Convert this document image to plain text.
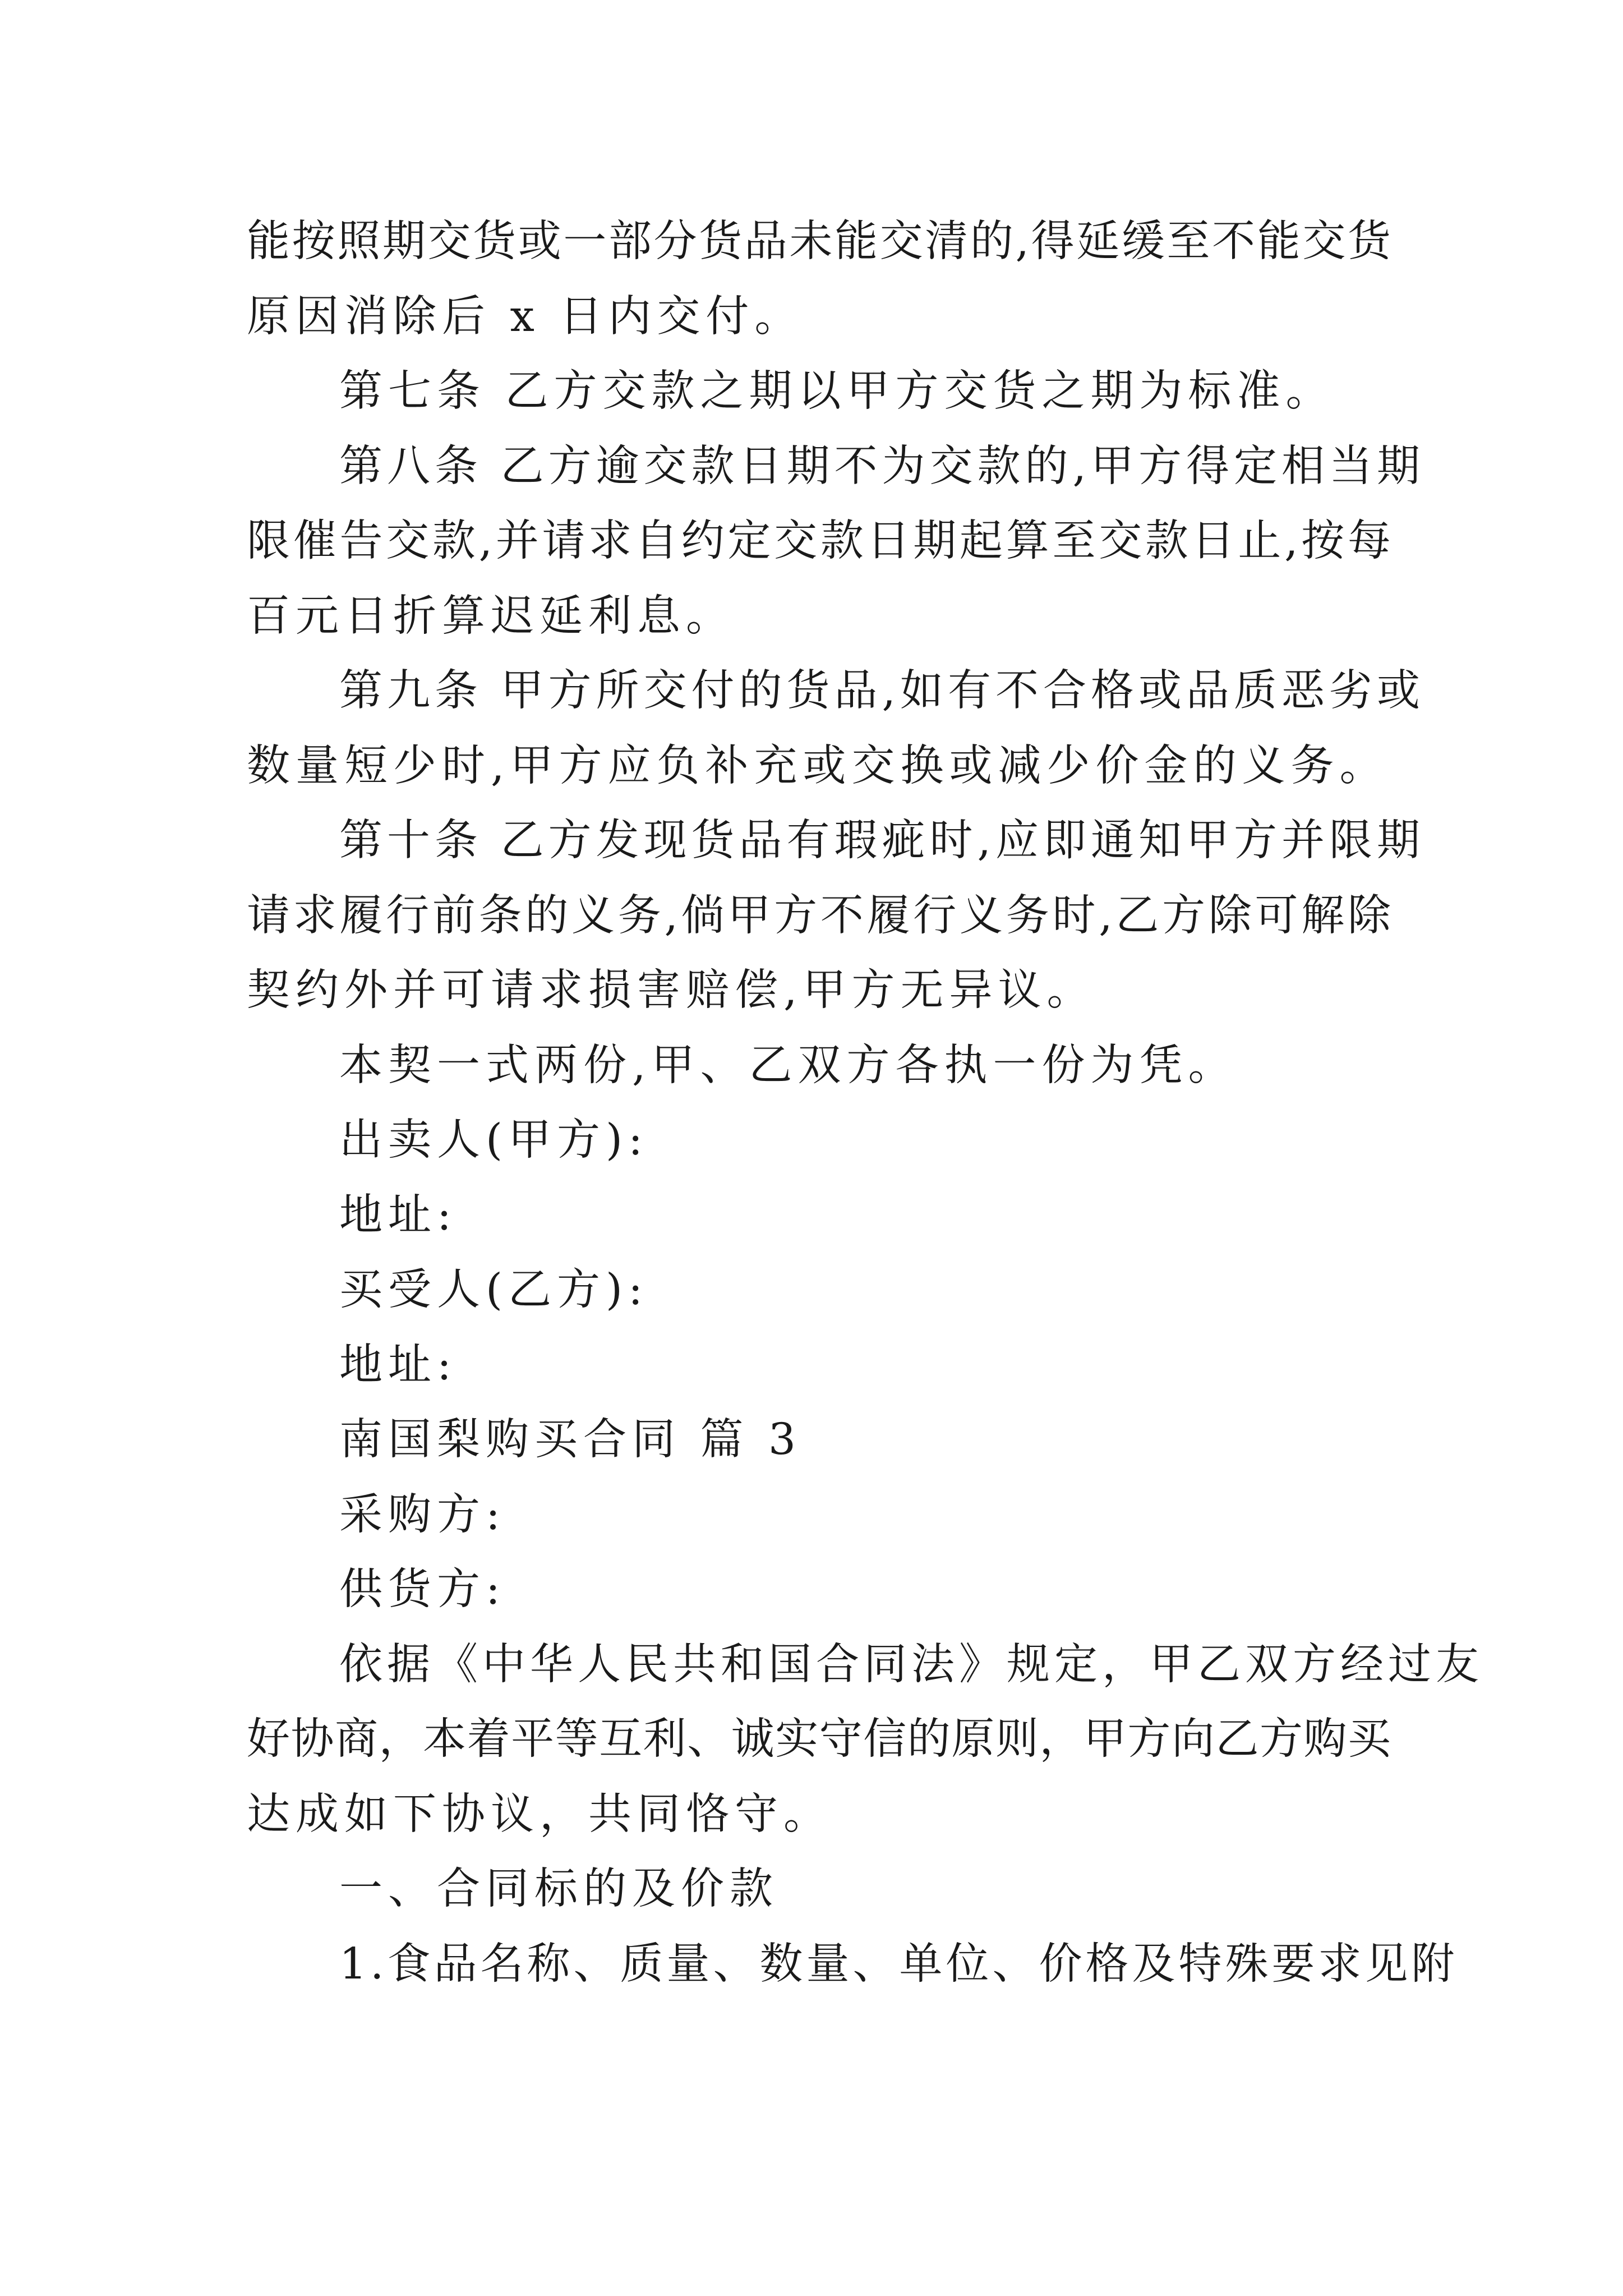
能按照期交货或一部分货品未能交清的,得延缓至不能交货
原因消除后 x 日内交付。
第七条 乙方交款之期以甲方交货之期为标准。
第八条 乙方逾交款日期不为交款的,甲方得定相当期
限催告交款,并请求自约定交款日期起算至交款日止,按每
百元日折算迟延利息。
第九条 甲方所交付的货品,如有不合格或品质恶劣或
数量短少时,甲方应负补充或交换或减少价金的义务。
第十条 乙方发现货品有瑕疵时,应即通知甲方并限期
请求履行前条的义务,倘甲方不履行义务时,乙方除可解除
契约外并可请求损害赔偿,甲方无异议。
本契一式两份,甲、乙双方各执一份为凭。
出卖人(甲方):
地址:
买受人(乙方):
地址:
南国梨购买合同 篇 3
采购方:
供货方:
依据《中华人民共和国合同法》规定，甲乙双方经过友
好协商，本着平等互利、诚实守信的原则，甲方向乙方购买
达成如下协议，共同恪守。
一、合同标的及价款
1.食品名称、质量、数量、单位、价格及特殊要求见附
